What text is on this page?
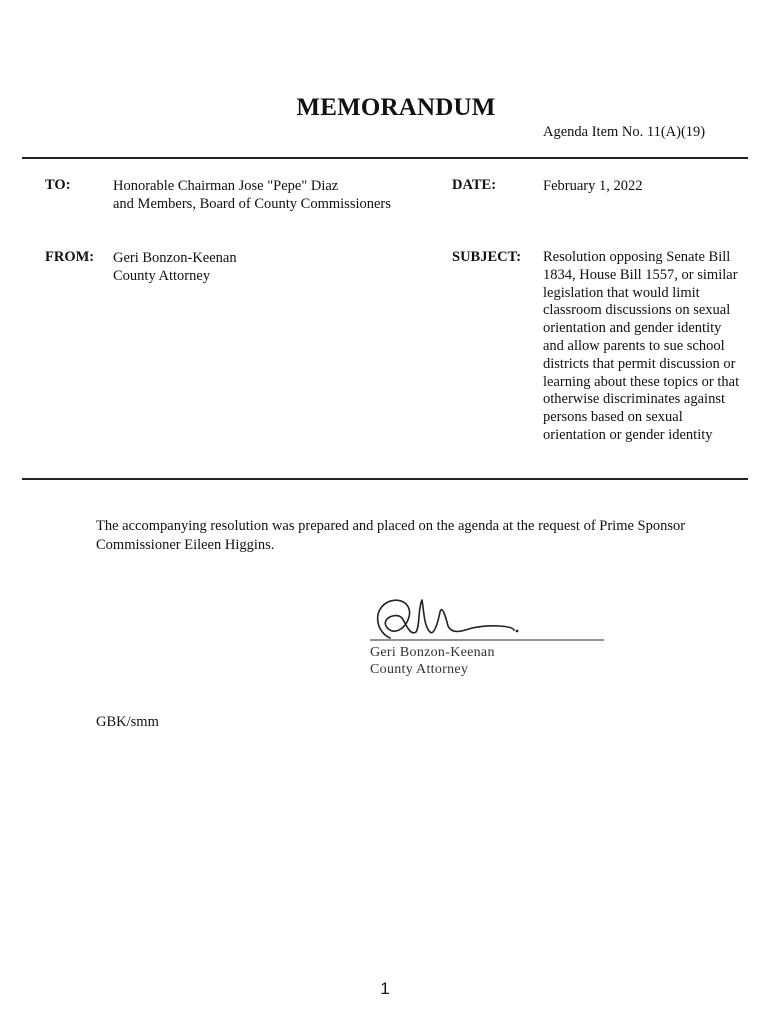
MEMORANDUM
Agenda Item No. 11(A)(19)
TO:	Honorable Chairman Jose "Pepe" Diaz
and Members, Board of County Commissioners
DATE:	February 1, 2022
FROM: Geri Bonzon-Keenan
County Attorney
SUBJECT: Resolution opposing Senate Bill 1834, House Bill 1557, or similar legislation that would limit classroom discussions on sexual orientation and gender identity and allow parents to sue school districts that permit discussion or learning about these topics or that otherwise discriminates against persons based on sexual orientation or gender identity
The accompanying resolution was prepared and placed on the agenda at the request of Prime Sponsor Commissioner Eileen Higgins.
Geri Bonzon-Keenan
County Attorney
GBK/smm
1
